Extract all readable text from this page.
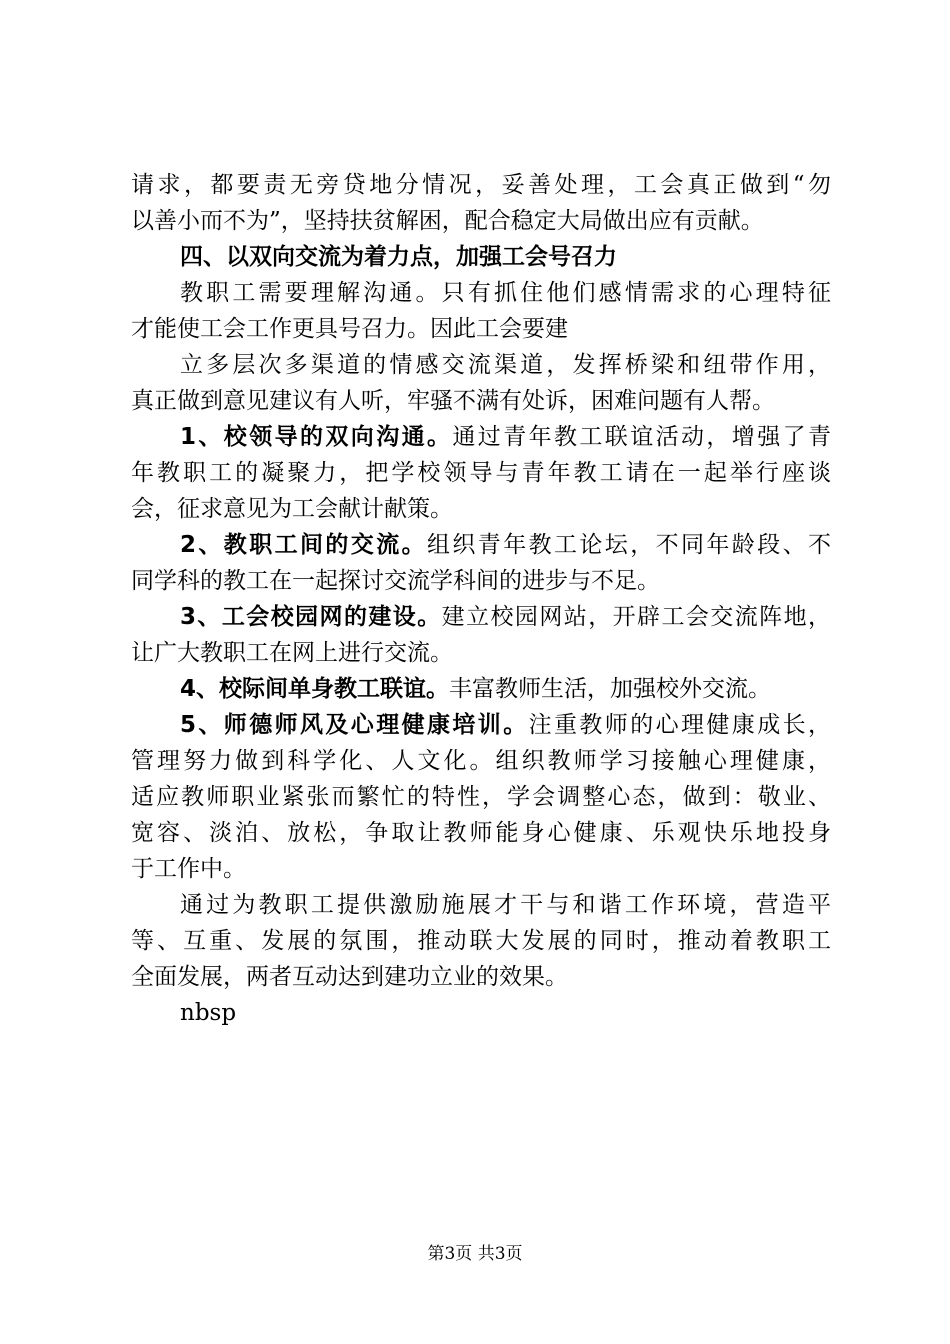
请求，都要责无旁贷地分情况，妥善处理，工会真正做到“勿
以善小而不为”，坚持扶贫解困，配合稳定大局做出应有贡献。
四、以双向交流为着力点，加强工会号召力
教职工需要理解沟通。只有抓住他们感情需求的心理特征
才能使工会工作更具号召力。因此工会要建
立多层次多渠道的情感交流渠道，发挥桥梁和纽带作用，
真正做到意见建议有人听，牢骚不满有处诉，困难问题有人帮。
1、校领导的双向沟通。通过青年教工联谊活动，增强了青
年教职工的凝聚力，把学校领导与青年教工请在一起举行座谈
会，征求意见为工会献计献策。
2、教职工间的交流。组织青年教工论坛，不同年龄段、不
同学科的教工在一起探讨交流学科间的进步与不足。
3、工会校园网的建设。建立校园网站，开辟工会交流阵地，
让广大教职工在网上进行交流。
4、校际间单身教工联谊。丰富教师生活，加强校外交流。
5、师德师风及心理健康培训。注重教师的心理健康成长，
管理努力做到科学化、人文化。组织教师学习接触心理健康，
适应教师职业紧张而繁忙的特性，学会调整心态，做到：敬业、
宽容、淡泊、放松，争取让教师能身心健康、乐观快乐地投身
于工作中。
通过为教职工提供激励施展才干与和谐工作环境，营造平
等、互重、发展的氛围，推动联大发展的同时，推动着教职工
全面发展，两者互动达到建功立业的效果。
nbsp
第3页 共3页
